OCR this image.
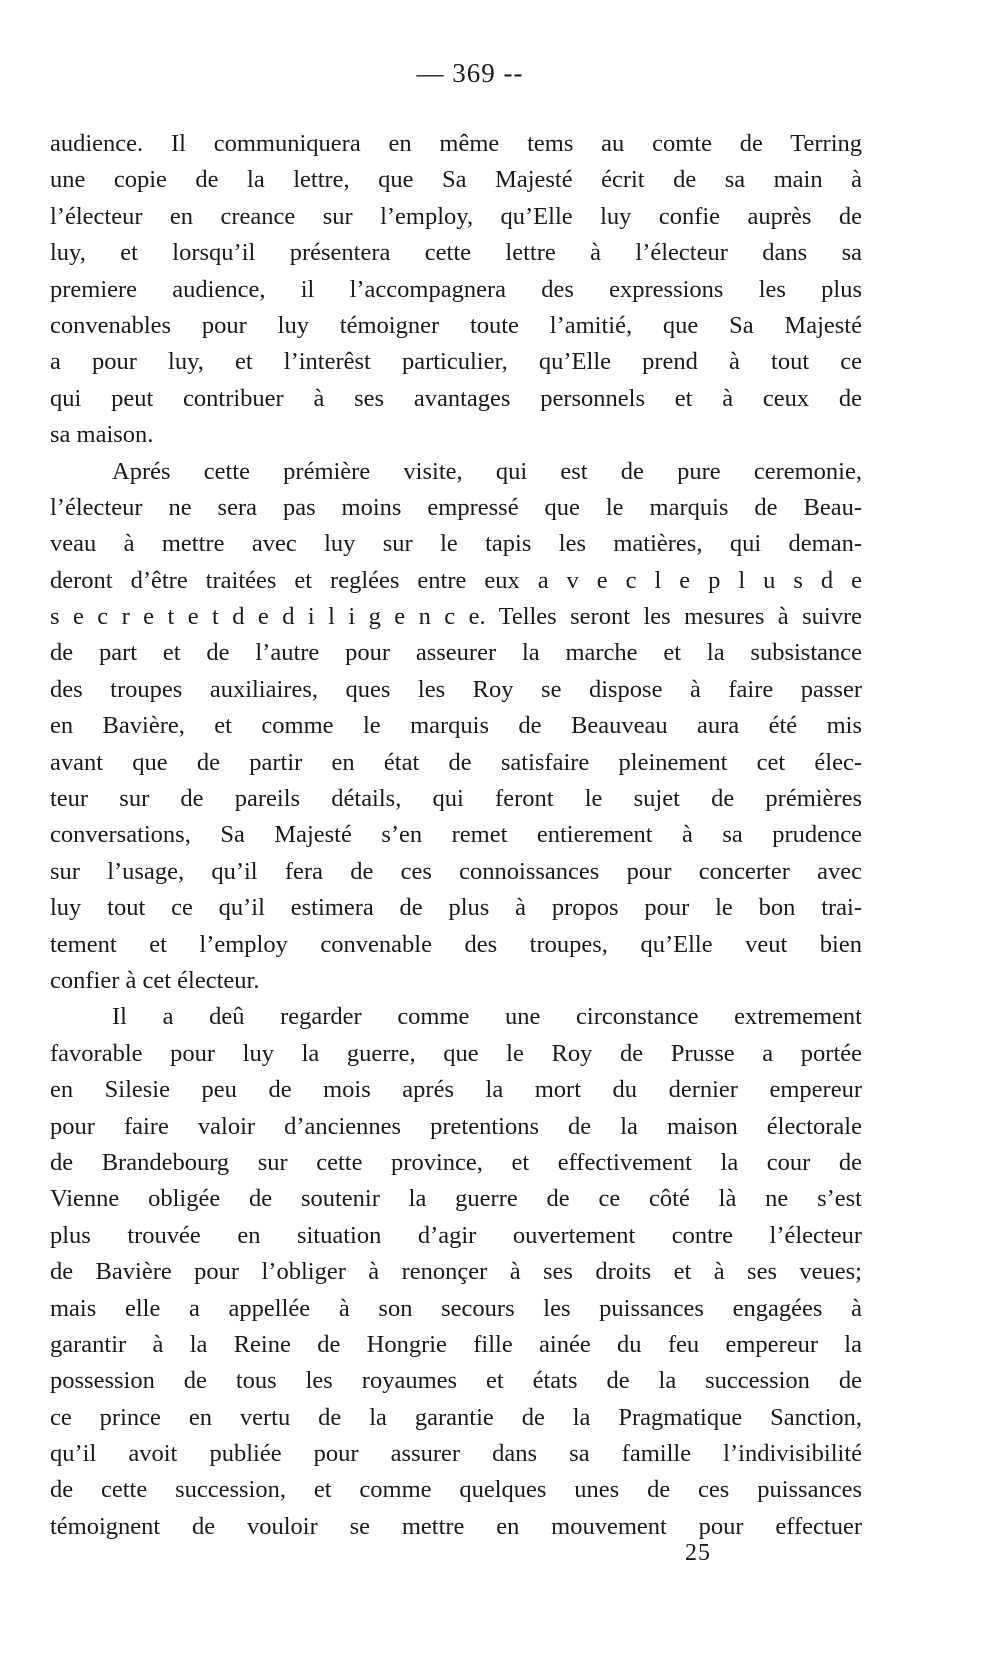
— 369 --
audience. Il communiquera en même tems au comte de Terring
une copie de la lettre, que Sa Majesté écrit de sa main à
l’électeur en creance sur l’employ, qu’Elle luy confie auprès de
luy, et lorsqu’il présentera cette lettre à l’électeur dans sa
premiere audience, il l’accompagnera des expressions les plus
convenables pour luy témoigner toute l’amitié, que Sa Majesté
a pour luy, et l’interêst particulier, qu’Elle prend à tout ce
qui peut contribuer à ses avantages personnels et à ceux de
sa maison.
Aprés cette prémière visite, qui est de pure ceremonie,
l’électeur ne sera pas moins empressé que le marquis de Beau-
veau à mettre avec luy sur le tapis les matières, qui deman-
deront d’être traitées et reglées entre eux a v e c l e p l u s d e
s e c r e t e t d e d i l i g e n c e. Telles seront les mesures à suivre
de part et de l’autre pour asseurer la marche et la subsistance
des troupes auxiliaires, ques les Roy se dispose à faire passer
en Bavière, et comme le marquis de Beauveau aura été mis
avant que de partir en état de satisfaire pleinement cet élec-
teur sur de pareils détails, qui feront le sujet de prémières
conversations, Sa Majesté s’en remet entierement à sa prudence
sur l’usage, qu’il fera de ces connoissances pour concerter avec
luy tout ce qu’il estimera de plus à propos pour le bon trai-
tement et l’employ convenable des troupes, qu’Elle veut bien
confier à cet électeur.
Il a deû regarder comme une circonstance extremement
favorable pour luy la guerre, que le Roy de Prusse a portée
en Silesie peu de mois aprés la mort du dernier empereur
pour faire valoir d’anciennes pretentions de la maison électorale
de Brandebourg sur cette province, et effectivement la cour de
Vienne obligée de soutenir la guerre de ce côté là ne s’est
plus trouvée en situation d’agir ouvertement contre l’électeur
de Bavière pour l’obliger à renonçer à ses droits et à ses veues;
mais elle a appellée à son secours les puissances engagées à
garantir à la Reine de Hongrie fille ainée du feu empereur la
possession de tous les royaumes et états de la succession de
ce prince en vertu de la garantie de la Pragmatique Sanction,
qu’il avoit publiée pour assurer dans sa famille l’indivisibilité
de cette succession, et comme quelques unes de ces puissances
témoignent de vouloir se mettre en mouvement pour effectuer
25
